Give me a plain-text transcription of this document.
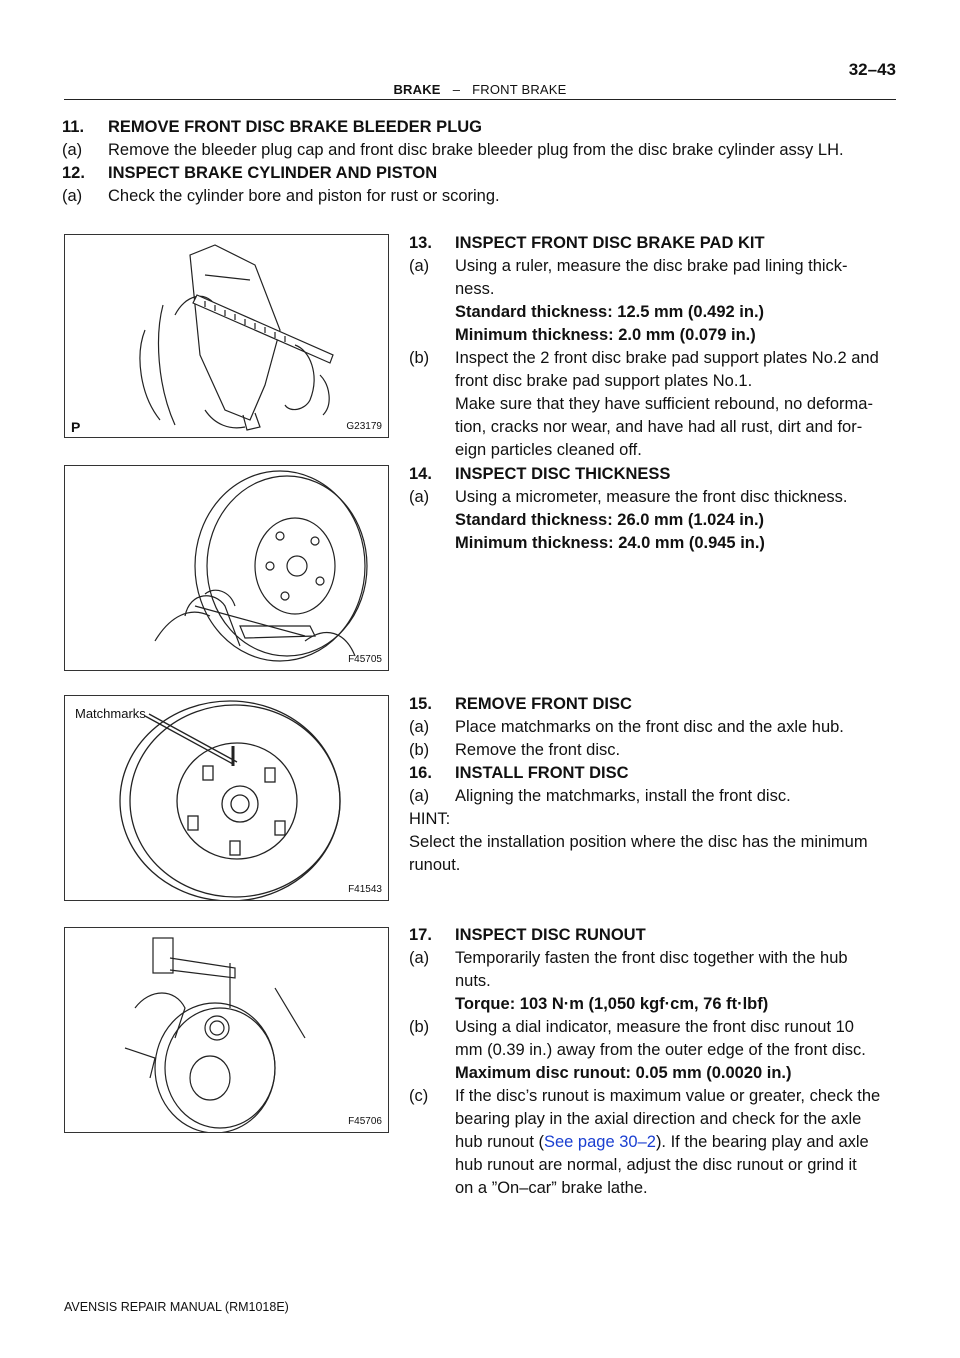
32–43
BRAKE – FRONT BRAKE
11. REMOVE FRONT DISC BRAKE BLEEDER PLUG
(a) Remove the bleeder plug cap and front disc brake bleeder plug from the disc brake cylinder assy LH.
12. INSPECT BRAKE CYLINDER AND PISTON
(a) Check the cylinder bore and piston for rust or scoring.
P	G23179
F45705
Matchmarks
F41543
F45706
13. INSPECT FRONT DISC BRAKE PAD KIT
(a) Using a ruler, measure the disc brake pad lining thick-
ness.
Standard thickness: 12.5 mm (0.492 in.)
Minimum thickness: 2.0 mm (0.079 in.)
(b) Inspect the 2 front disc brake pad support plates No.2 and
front disc brake pad support plates No.1.
Make sure that they have sufficient rebound, no deforma-
tion, cracks nor wear, and have had all rust, dirt and for-
eign particles cleaned off.
14. INSPECT DISC THICKNESS
(a) Using a micrometer, measure the front disc thickness.
Standard thickness: 26.0 mm (1.024 in.)
Minimum thickness: 24.0 mm (0.945 in.)
15. REMOVE FRONT DISC
(a) Place matchmarks on the front disc and the axle hub.
(b) Remove the front disc.
16. INSTALL FRONT DISC
(a) Aligning the matchmarks, install the front disc.
HINT:
Select the installation position where the disc has the minimum
runout.
17. INSPECT DISC RUNOUT
(a) Temporarily fasten the front disc together with the hub
nuts.
Torque: 103 N·m (1,050 kgf·cm, 76 ft·lbf)
(b) Using a dial indicator, measure the front disc runout 10
mm (0.39 in.) away from the outer edge of the front disc.
Maximum disc runout: 0.05 mm (0.0020 in.)
(c) If the disc’s runout is maximum value or greater, check the
bearing play in the axial direction and check for the axle
hub runout (See page 30–2). If the bearing play and axle
hub runout are normal, adjust the disc runout or grind it
on a ”On–car” brake lathe.
AVENSIS REPAIR MANUAL (RM1018E)
